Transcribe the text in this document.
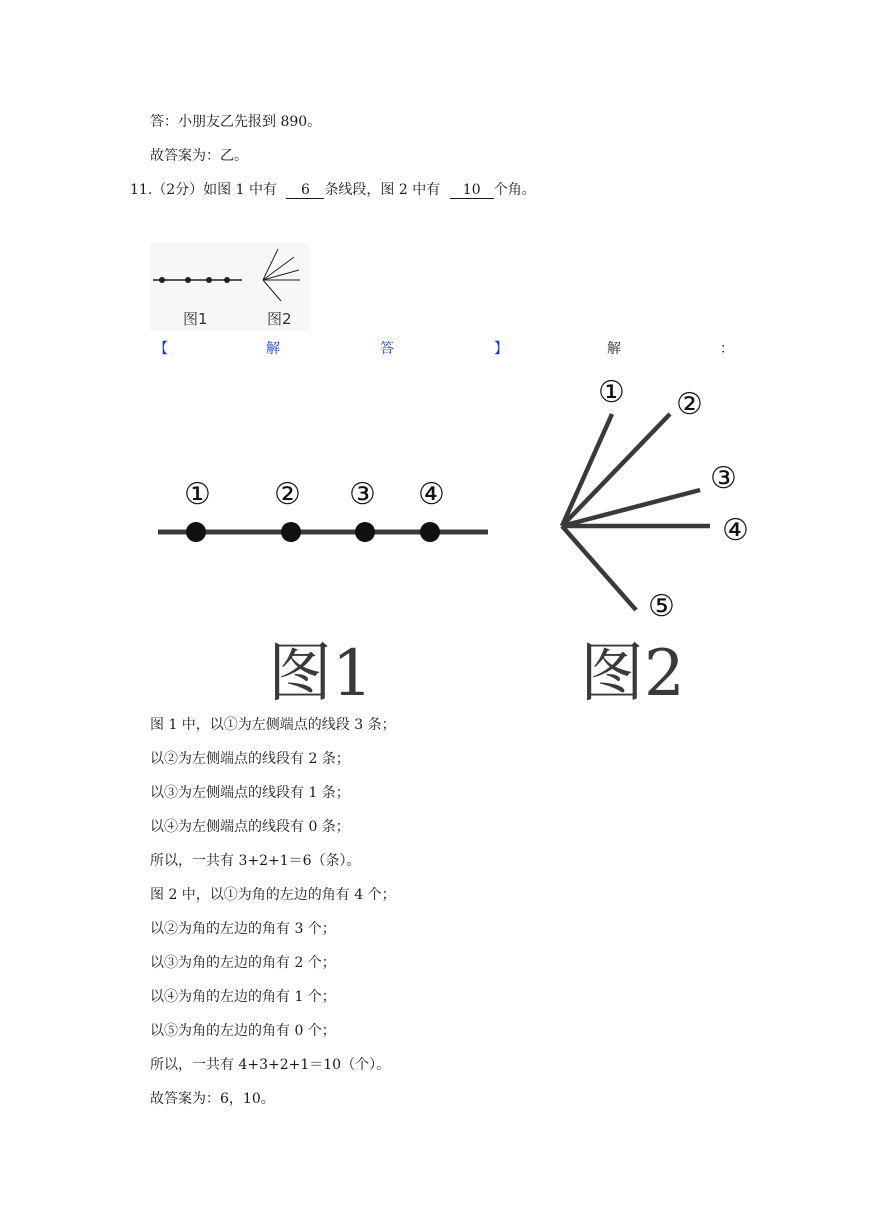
答：小朋友乙先报到 890。
故答案为：乙。
11.（2分）如图 1 中有 6 条线段，图 2 中有 10 个角。
图1	图2
【	解	答	】	解	：
① ② ③ ④
① ②
③
④
⑤
图1	图2
图 1 中，以①为左侧端点的线段 3 条；
以②为左侧端点的线段有 2 条；
以③为左侧端点的线段有 1 条；
以④为左侧端点的线段有 0 条；
所以，一共有 3+2+1＝6（条）。
图 2 中，以①为角的左边的角有 4 个；
以②为角的左边的角有 3 个；
以③为角的左边的角有 2 个；
以④为角的左边的角有 1 个；
以⑤为角的左边的角有 0 个；
所以，一共有 4+3+2+1＝10（个）。
故答案为：6，10。
